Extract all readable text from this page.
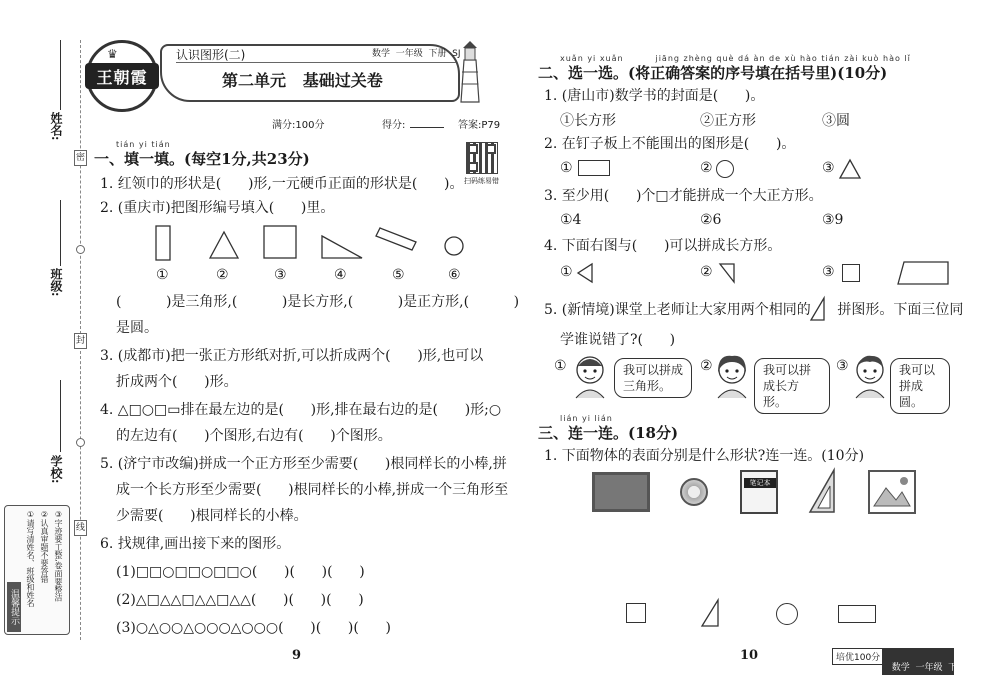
姓名:
班级:
学校:
密
封
线
温馨提示 ①请写清姓名、班级和姓名 ②认真审题不要答错 ③字迹要工整,卷面要整洁
王朝霞
♛	认识图形(二)	数学  一年级  下册  SJ
第二单元   基础过关卷
满分:100分	得分:	答案:P79
扫码练易错
tián yi tián
一、填一填。(每空1分,共23分)
1. 红领巾的形状是(      )形,一元硬币正面的形状是(      )。
2. (重庆市)把图形编号填入(      )里。
①	②	③	④	⑤	⑥
(          )是三角形,(          )是长方形,(          )是正方形,(          )
是圆。
3. (成都市)把一张正方形纸对折,可以折成两个(      )形,也可以
折成两个(      )形。
4. △□○□▭排在最左边的是(      )形,排在最右边的是(      )形;○
的左边有(      )个图形,右边有(      )个图形。
5. (济宁市改编)拼成一个正方形至少需要(      )根同样长的小棒,拼
成一个长方形至少需要(      )根同样长的小棒,拼成一个三角形至
少需要(      )根同样长的小棒。
6. 找规律,画出接下来的图形。
(1)□□○□□○□□○(      )(      )(      )
(2)△□△△□△△□△△(      )(      )(      )
(3)○△○○△○○○△○○○(      )(      )(      )
9
xuǎn yi xuǎn         jiāng zhèng què dá àn de xù hào tián zài kuò hào lǐ
二、选一选。(将正确答案的序号填在括号里)(10分)
1. (唐山市)数学书的封面是(      )。
①长方形	②正方形	③圆
2. 在钉子板上不能围出的图形是(      )。
①	②	③
3. 至少用(      )个□才能拼成一个大正方形。
①4	②6	③9
4. 下面右图与(      )可以拼成长方形。
①	②	③
5. (新情境)课堂上老师让大家用两个相同的      拼图形。下面三位同
学谁说错了?(      )
①	我可以拼成三角形。
②	我可以拼成长方形。
③	我可以拼成圆。
lián yi lián
三、连一连。(18分)
1. 下面物体的表面分别是什么形状?连一连。(10分)
笔记本
10	培优100分

数学  一年级  下册  SJ
